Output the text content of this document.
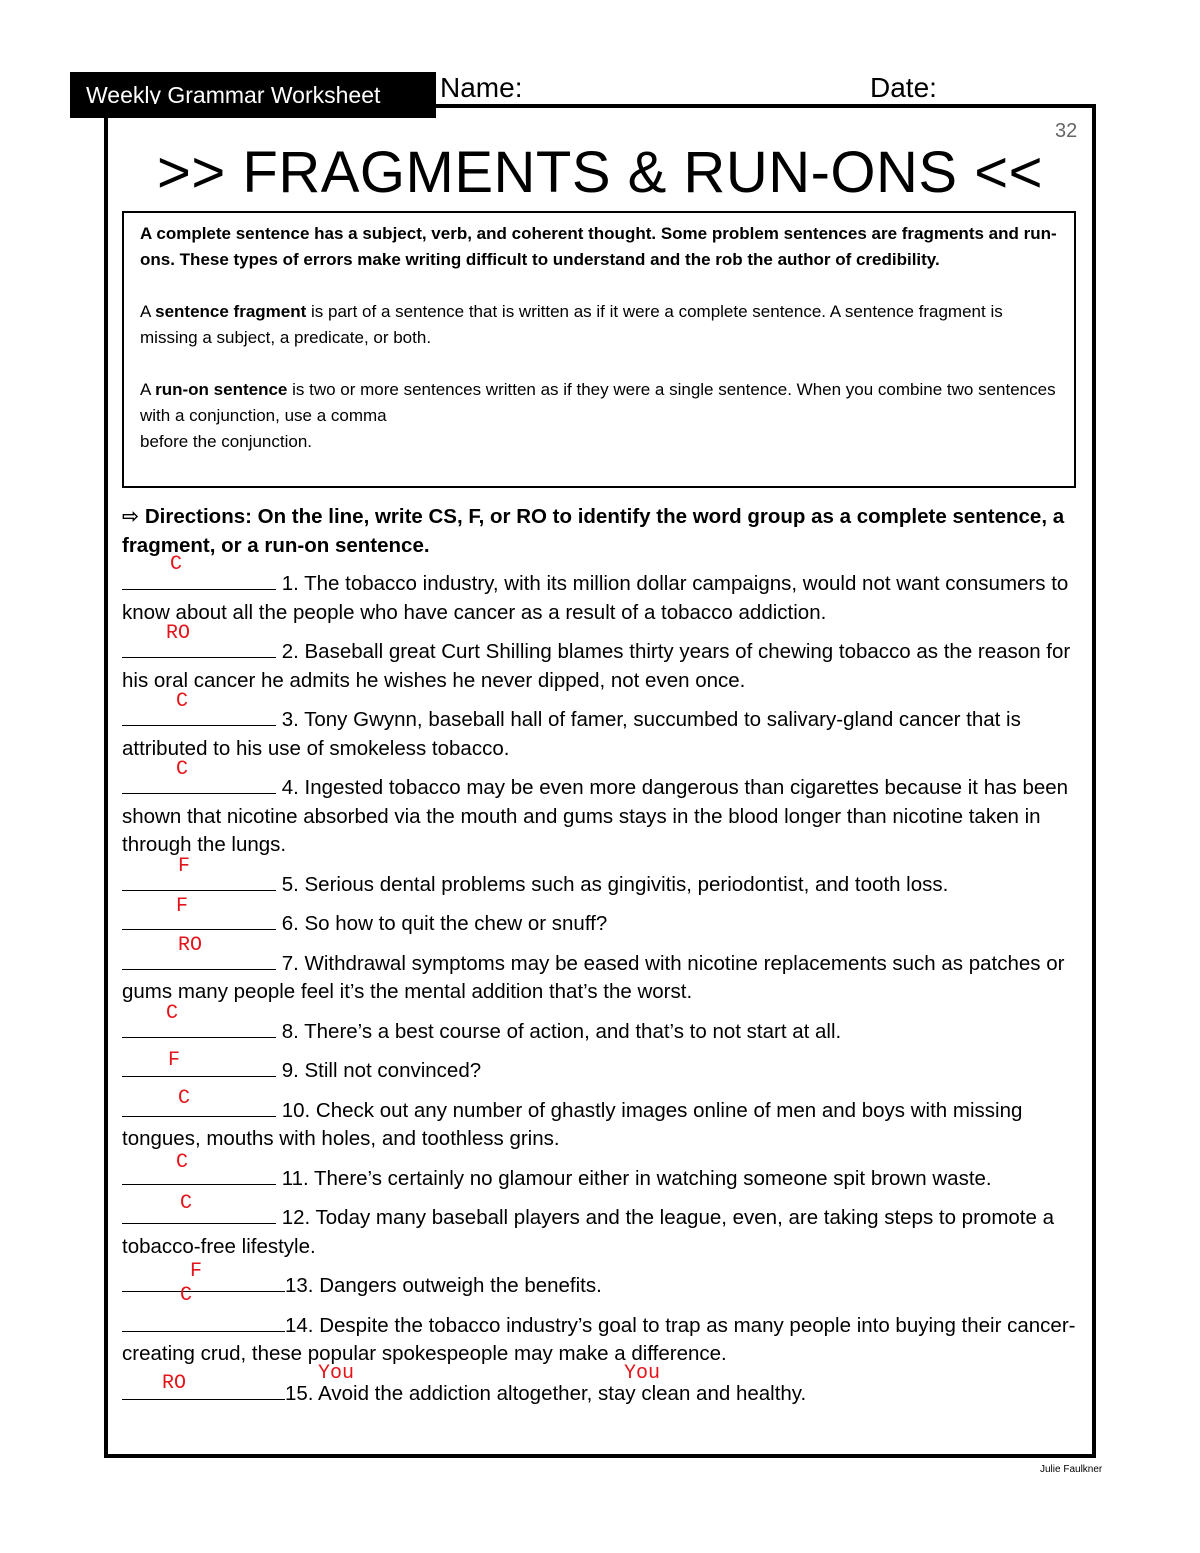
Weekly Grammar Worksheet	Name:	Date:
32
>> FRAGMENTS & RUN-ONS <<

A complete sentence has a subject, verb, and coherent thought. Some problem sentences are fragments and run-ons. These types of errors make writing difficult to understand and the rob the author of credibility.

A sentence fragment is part of a sentence that is written as if it were a complete sentence. A sentence fragment is missing a subject, a predicate, or both.

A run-on sentence is two or more sentences written as if they were a single sentence. When you combine two sentences with a conjunction, use a comma
before the conjunction.

⇨ Directions: On the line, write CS, F, or RO to identify the word group as a complete sentence, a fragment, or a run-on sentence.

1. The tobacco industry, with its million dollar campaigns, would not want consumers to know about all the people who have cancer as a result of a tobacco addiction.
C
2. Baseball great Curt Shilling blames thirty years of chewing tobacco as the reason for his oral cancer he admits he wishes he never dipped, not even once.
RO
3. Tony Gwynn, baseball hall of famer, succumbed to salivary-gland cancer that is attributed to his use of smokeless tobacco.
C
4. Ingested tobacco may be even more dangerous than cigarettes because it has been shown that nicotine absorbed via the mouth and gums stays in the blood longer than nicotine taken in through the lungs.
C
5. Serious dental problems such as gingivitis, periodontist, and tooth loss.
F
6. So how to quit the chew or snuff?
F
7. Withdrawal symptoms may be eased with nicotine replacements such as patches or gums many people feel it’s the mental addition that’s the worst.
RO
8. There’s a best course of action, and that’s to not start at all.
C
9. Still not convinced?
F
10. Check out any number of ghastly images online of men and boys with missing tongues, mouths with holes, and toothless grins.
C
11. There’s certainly no glamour either in watching someone spit brown waste.
C
12. Today many baseball players and the league, even, are taking steps to promote a tobacco-free lifestyle.
C
13. Dangers outweigh the benefits.
F
14. Despite the tobacco industry’s goal to trap as many people into buying their cancer-creating crud, these popular spokespeople may make a difference.
C
15. Avoid the addiction altogether, stay clean and healthy.
RO	You	You
Julie Faulkner
